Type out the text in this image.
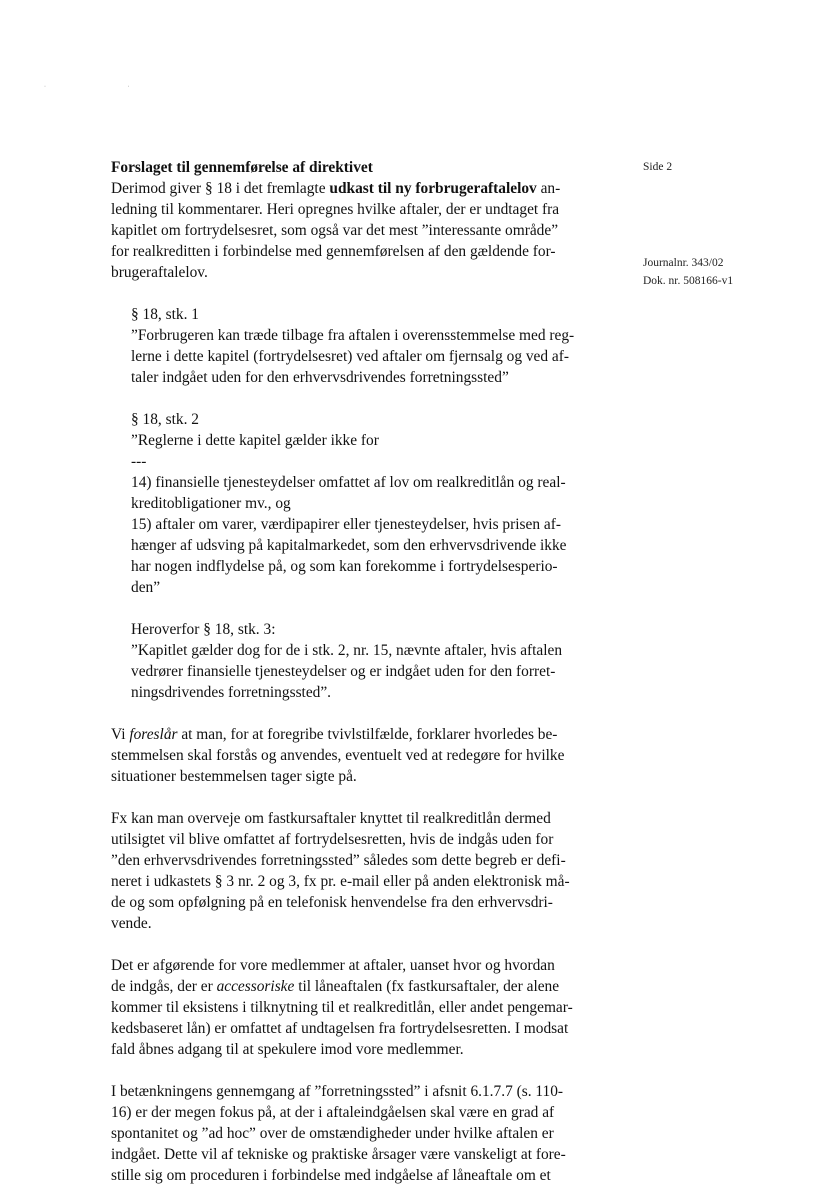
· ·
Side 2
Journalnr. 343/02
Dok. nr. 508166-v1
Forslaget til gennemførelse af direktivet
Derimod giver § 18 i det fremlagte udkast til ny forbrugeraftalelov an-
ledning til kommentarer. Heri opregnes hvilke aftaler, der er undtaget fra
kapitlet om fortrydelsesret, som også var det mest ”interessante område”
for realkreditten i forbindelse med gennemførelsen af den gældende for-
brugeraftalelov.
§ 18, stk. 1
”Forbrugeren kan træde tilbage fra aftalen i overensstemmelse med reg-
lerne i dette kapitel (fortrydelsesret) ved aftaler om fjernsalg og ved af-
taler indgået uden for den erhvervsdrivendes forretningssted”
§ 18, stk. 2
”Reglerne i dette kapitel gælder ikke for
---
14) finansielle tjenesteydelser omfattet af lov om realkreditlån og real-
kreditobligationer mv., og
15) aftaler om varer, værdipapirer eller tjenesteydelser, hvis prisen af-
hænger af udsving på kapitalmarkedet, som den erhvervsdrivende ikke
har nogen indflydelse på, og som kan forekomme i fortrydelsesperio-
den”
Heroverfor § 18, stk. 3:
”Kapitlet gælder dog for de i stk. 2, nr. 15, nævnte aftaler, hvis aftalen
vedrører finansielle tjenesteydelser og er indgået uden for den forret-
ningsdrivendes forretningssted”.
Vi foreslår at man, for at foregribe tvivlstilfælde, forklarer hvorledes be-
stemmelsen skal forstås og anvendes, eventuelt ved at redegøre for hvilke
situationer bestemmelsen tager sigte på.
Fx kan man overveje om fastkursaftaler knyttet til realkreditlån dermed
utilsigtet vil blive omfattet af fortrydelsesretten, hvis de indgås uden for
”den erhvervsdrivendes forretningssted” således som dette begreb er defi-
neret i udkastets § 3 nr. 2 og 3, fx pr. e-mail eller på anden elektronisk må-
de og som opfølgning på en telefonisk henvendelse fra den erhvervsdri-
vende.
Det er afgørende for vore medlemmer at aftaler, uanset hvor og hvordan
de indgås, der er accessoriske til låneaftalen (fx fastkursaftaler, der alene
kommer til eksistens i tilknytning til et realkreditlån, eller andet pengemar-
kedsbaseret lån) er omfattet af undtagelsen fra fortrydelsesretten. I modsat
fald åbnes adgang til at spekulere imod vore medlemmer.
I betænkningens gennemgang af ”forretningssted” i afsnit 6.1.7.7 (s. 110-
16) er der megen fokus på, at der i aftaleindgåelsen skal være en grad af
spontanitet og ”ad hoc” over de omstændigheder under hvilke aftalen er
indgået. Dette vil af tekniske og praktiske årsager være vanskeligt at fore-
stille sig om proceduren i forbindelse med indgåelse af låneaftale om et
